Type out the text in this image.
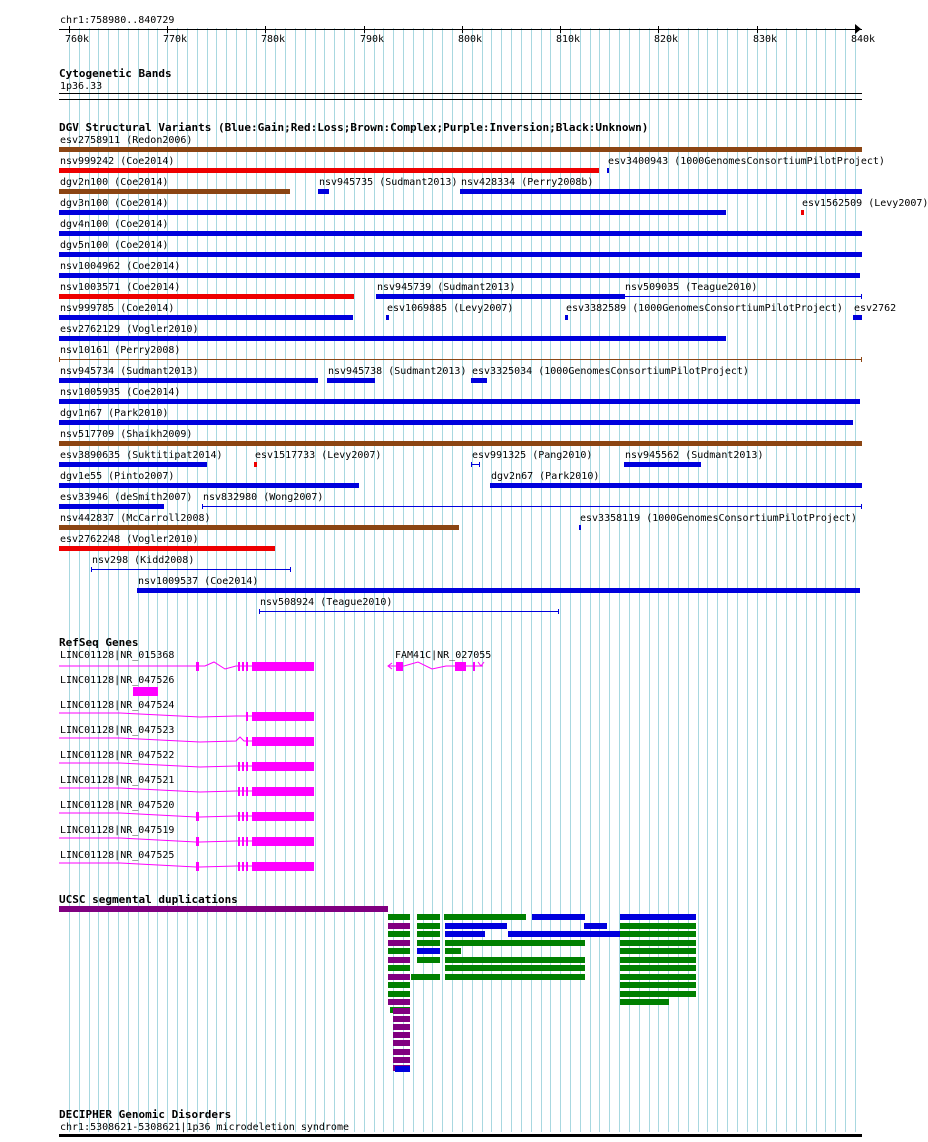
chr1:758980..840729
Cytogenetic Bands
1p36.33
DGV Structural Variants (Blue:Gain;Red:Loss;Brown:Complex;Purple:Inversion;Black:Unknown)
esv2758911 (Redon2006)
nsv999242 (Coe2014)	esv3400943 (1000GenomesConsortiumPilotProject)
dgv2n100 (Coe2014)	nsv945735 (Sudmant2013) nsv428334 (Perry2008b)
dgv3n100 (Coe2014)	esv1562509 (Levy2007)
dgv4n100 (Coe2014)
dgv5n100 (Coe2014)
nsv1004962 (Coe2014)
nsv1003571 (Coe2014)	nsv945739 (Sudmant2013)	nsv509035 (Teague2010)
nsv999785 (Coe2014)	esv1069885 (Levy2007)	esv3382589 (1000GenomesConsortiumPilotProject) esv2762
esv2762129 (Vogler2010)
nsv10161 (Perry2008)
nsv945734 (Sudmant2013)	nsv945738 (Sudmant2013) esv3325034 (1000GenomesConsortiumPilotProject)
nsv1005935 (Coe2014)
dgv1n67 (Park2010)
nsv517709 (Shaikh2009)
esv3890635 (Suktitipat2014)	esv1517733 (Levy2007)	esv991325 (Pang2010)	nsv945562 (Sudmant2013)
dgv1e55 (Pinto2007)	dgv2n67 (Park2010)
esv33946 (deSmith2007) nsv832980 (Wong2007)
nsv442837 (McCarroll2008)	esv3358119 (1000GenomesConsortiumPilotProject)
esv2762248 (Vogler2010)
nsv298 (Kidd2008)
nsv1009537 (Coe2014)
nsv508924 (Teague2010)
RefSeq Genes
LINC01128|NR_015368	FAM41C|NR_027055
LINC01128|NR_047526
LINC01128|NR_047524
LINC01128|NR_047523
LINC01128|NR_047522
LINC01128|NR_047521
LINC01128|NR_047520
LINC01128|NR_047519
LINC01128|NR_047525
UCSC segmental duplications
DECIPHER Genomic Disorders
chr1:5308621-5308621|1p36 microdeletion syndrome
760k	770k	780k	790k	800k	810k	820k	830k	840k
